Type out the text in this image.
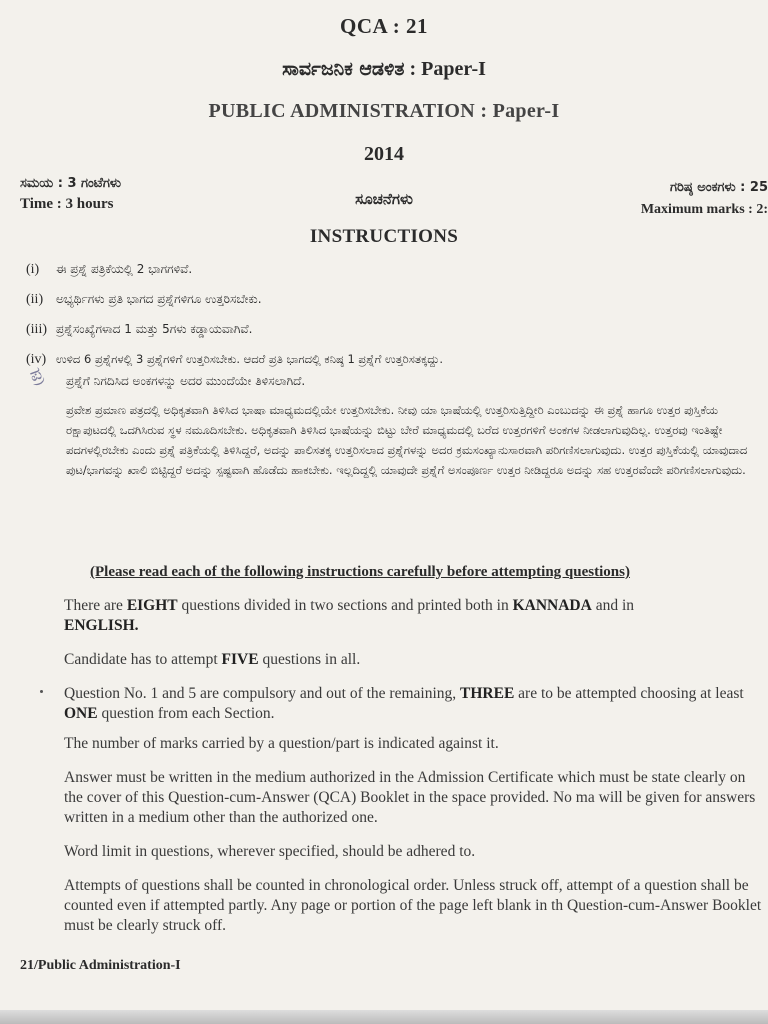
QCA : 21
ಸಾರ್ವಜನಿಕ ಆಡಳಿತ : Paper-I
PUBLIC ADMINISTRATION : Paper-I
2014
ಸಮಯ : 3 ಗಂಟೆಗಳು
Time : 3 hours	ಸೂಚನೆಗಳು
ಗರಿಷ್ಠ ಅಂಕಗಳು : 25
Maximum marks : 2:
INSTRUCTIONS
(i) ಈ ಪ್ರಶ್ನೆ ಪತ್ರಿಕೆಯಲ್ಲಿ 2 ಭಾಗಗಳಿವೆ.
(ii) ಅಭ್ಯರ್ಥಿಗಳು ಪ್ರತಿ ಭಾಗದ ಪ್ರಶ್ನೆಗಳಿಗೂ ಉತ್ತರಿಸಬೇಕು.
(iii) ಪ್ರಶ್ನೆಸಂಖ್ಯೆಗಳಾದ 1 ಮತ್ತು 5ಗಳು ಕಡ್ಡಾಯವಾಗಿವೆ.
(iv) ಉಳಿದ 6 ಪ್ರಶ್ನೆಗಳಲ್ಲಿ 3 ಪ್ರಶ್ನೆಗಳಿಗೆ ಉತ್ತರಿಸಬೇಕು. ಆದರೆ ಪ್ರತಿ ಭಾಗದಲ್ಲಿ ಕನಿಷ್ಠ 1 ಪ್ರಶ್ನೆಗೆ ಉತ್ತರಿಸತಕ್ಕದ್ದು.
ಪ್ರಶ್ನೆಗೆ ನಿಗದಿಸಿದ ಅಂಕಗಳನ್ನು ಅದರ ಮುಂದೆಯೇ ತಿಳಿಸಲಾಗಿದೆ.
ಪ್ರ
ಪ್ರವೇಶ ಪ್ರಮಾಣ ಪತ್ರದಲ್ಲಿ ಅಧಿಕೃತವಾಗಿ ತಿಳಿಸಿದ ಭಾಷಾ ಮಾಧ್ಯಮದಲ್ಲಿಯೇ ಉತ್ತರಿಸಬೇಕು. ನೀವು ಯಾ ಭಾಷೆಯಲ್ಲಿ ಉತ್ತರಿಸುತ್ತಿದ್ದೀರಿ ಎಂಬುದನ್ನು ಈ ಪ್ರಶ್ನೆ ಹಾಗೂ ಉತ್ತರ ಪುಸ್ತಿಕೆಯ ರಕ್ಷಾಪುಟದಲ್ಲಿ ಒದಗಿಸಿರುವ ಸ್ಥಳ ನಮೂದಿಸಬೇಕು. ಅಧಿಕೃತವಾಗಿ ತಿಳಿಸಿದ ಭಾಷೆಯನ್ನು ಬಿಟ್ಟು ಬೇರೆ ಮಾಧ್ಯಮದಲ್ಲಿ ಬರೆದ ಉತ್ತರಗಳಿಗೆ ಅಂಕಗಳ ನೀಡಲಾಗುವುದಿಲ್ಲ. ಉತ್ತರವು ಇಂತಿಷ್ಟೇ ಪದಗಳಲ್ಲಿರಬೇಕು ಎಂದು ಪ್ರಶ್ನೆ ಪತ್ರಿಕೆಯಲ್ಲಿ ತಿಳಿಸಿದ್ದರೆ, ಅದನ್ನು ಪಾಲಿಸತಕ್ಕ ಉತ್ತರಿಸಲಾದ ಪ್ರಶ್ನೆಗಳನ್ನು ಅದರ ಕ್ರಮಸಂಖ್ಯಾನುಸಾರವಾಗಿ ಪರಿಗಣಿಸಲಾಗುವುದು. ಉತ್ತರ ಪುಸ್ತಿಕೆಯಲ್ಲಿ ಯಾವುದಾದ ಪುಟ/ಭಾಗವನ್ನು ಖಾಲಿ ಬಿಟ್ಟಿದ್ದರೆ ಅದನ್ನು ಸ್ಪಷ್ಟವಾಗಿ ಹೊಡೆದು ಹಾಕಬೇಕು. ಇಲ್ಲದಿದ್ದಲ್ಲಿ ಯಾವುದೇ ಪ್ರಶ್ನೆಗೆ ಅಸಂಪೂರ್ಣ ಉತ್ತರ ನೀಡಿದ್ದರೂ ಅದನ್ನು ಸಹ ಉತ್ತರವೆಂದೇ ಪರಿಗಣಿಸಲಾಗುವುದು.
(Please read each of the following instructions carefully before attempting questions)
There are EIGHT questions divided in two sections and printed both in KANNADA and in
ENGLISH.
Candidate has to attempt FIVE questions in all.
Question No. 1 and 5 are compulsory and out of the remaining, THREE are to be attempted choosing at least ONE question from each Section.
The number of marks carried by a question/part is indicated against it.
Answer must be written in the medium authorized in the Admission Certificate which must be state clearly on the cover of this Question-cum-Answer (QCA) Booklet in the space provided. No ma will be given for answers written in a medium other than the authorized one.
Word limit in questions, wherever specified, should be adhered to.
Attempts of questions shall be counted in chronological order. Unless struck off, attempt of a question shall be counted even if attempted partly. Any page or portion of the page left blank in th Question-cum-Answer Booklet must be clearly struck off.
21/Public Administration-I
